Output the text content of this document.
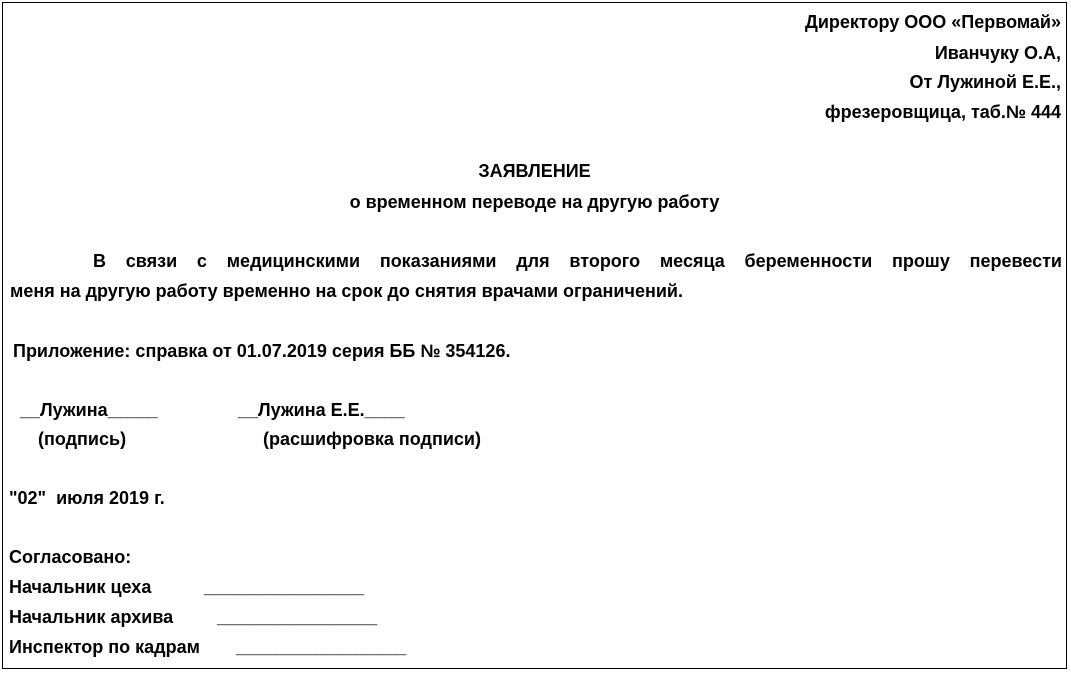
Директору ООО «Первомай»
Иванчуку О.А,
От Лужиной Е.Е.,
фрезеровщица, таб.№ 444
ЗАЯВЛЕНИЕ
о временном переводе на другую работу
В связи с медицинскими показаниями для второго месяца беременности прошу перевести
меня на другую работу временно на срок до снятия врачами ограничений.
Приложение: справка от 01.07.2019 серия ББ № 354126.
__Лужина_____	__Лужина Е.Е.____
(подпись)	(расшифровка подписи)
"02"  июля 2019 г.
Согласовано:
Начальник цеха	________________
Начальник архива ________________
Инспектор по кадрам _________________
